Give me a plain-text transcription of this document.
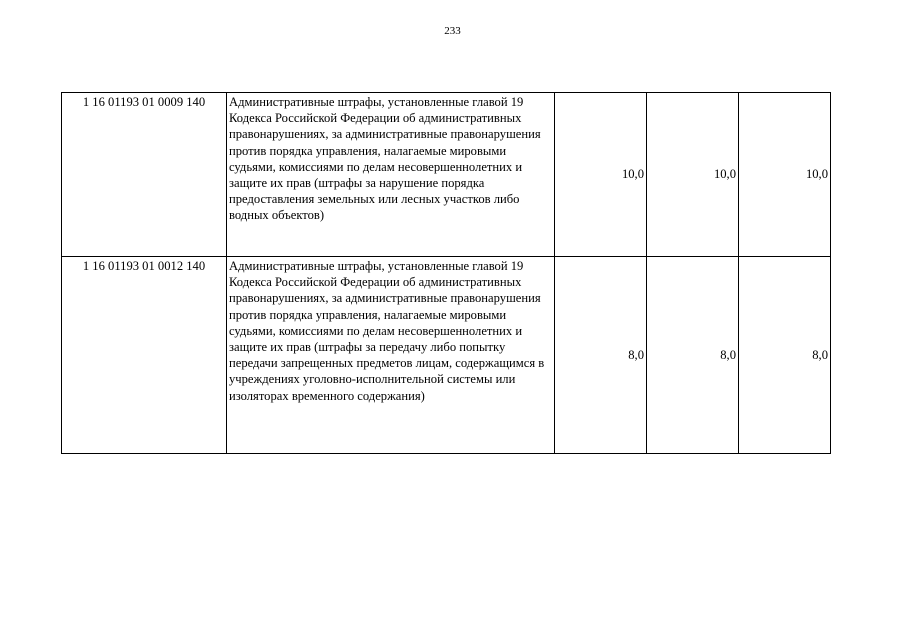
233
1 16 01193 01 0009 140	Административные штрафы, установленные главой 19 Кодекса Российской Федерации об административных правонарушениях, за административные правонарушения против порядка управления, налагаемые мировыми судьями, комиссиями по делам несовершеннолетних и защите их прав (штрафы за нарушение порядка предоставления земельных или лесных участков либо водных объектов)	10,0	10,0	10,0
1 16 01193 01 0012 140	Административные штрафы, установленные главой 19 Кодекса Российской Федерации об административных правонарушениях, за административные правонарушения против порядка управления, налагаемые мировыми судьями, комиссиями по делам несовершеннолетних и защите их прав (штрафы за передачу либо попытку передачи запрещенных предметов лицам, содержащимся в учреждениях уголовно-исполнительной системы или изоляторах временного содержания)	8,0	8,0	8,0
